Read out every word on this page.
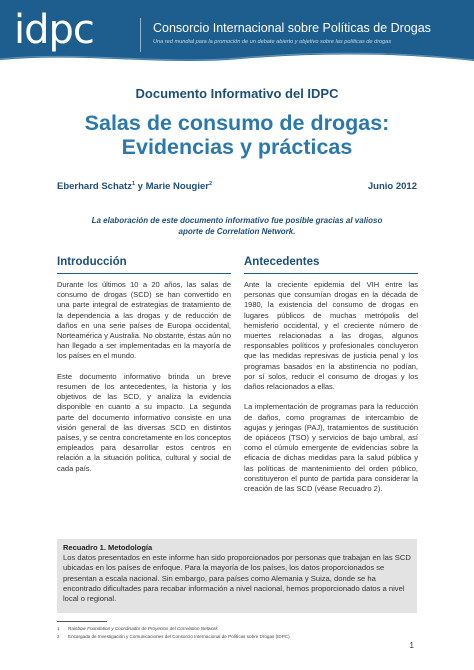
idpc	Consorcio Internacional sobre Políticas de Drogas
Una red mundial para la promoción de un debate abierto y objetivo sobre las políticas de drogas
Documento Informativo del IDPC
Salas de consumo de drogas:
Evidencias y prácticas
Eberhard Schatz$^1$ y Marie Nougier$^2$	Junio 2012
La elaboración de este documento informativo fue posible gracias al valioso
aporte de Correlation Network.
Introducción

Durante los últimos 10 a 20 años, las salas de consumo de drogas (SCD) se han convertido en una parte integral de estrategias de tratamiento de la dependencia a las drogas y de reducción de daños en una serie países de Europa occidental, Norteamérica y Australia. No obstante, éstas aún no han llegado a ser implementadas en la mayoría de los países en el mundo.

Este documento informativo brinda un breve resumen de los antecedentes, la historia y los objetivos de las SCD, y analiza la evidencia disponible en cuanto a su impacto. La segunda parte del documento informativo consiste en una visión general de las diversas SCD en distintos países, y se centra concretamente en los conceptos empleados para desarrollar estos centros en relación a la situación política, cultural y social de cada país.

Antecedentes

Ante la creciente epidemia del VIH entre las personas que consumían drogas en la década de 1980, la existencia del consumo de drogas en lugares públicos de muchas metrópolis del hemisferio occidental, y el creciente número de muertes relacionadas a las drogas, algunos responsables políticos y profesionales concluyeron que las medidas represivas de justicia penal y los programas basados en la abstinencia no podían, por sí solos, reducir el consumo de drogas y los daños relacionados a ellas.

La implementación de programas para la reducción de daños, como programas de intercambio de agujas y jeringas (PAJ), tratamientos de sustitución de opiáceos (TSO) y servicios de bajo umbral, así como el cúmulo emergente de evidencias sobre la eficacia de dichas medidas para la salud pública y las políticas de mantenimiento del orden público, constituyeron el punto de partida para considerar la creación de las SCD (véase Recuadro 2).

Recuadro 1. Metodología
Los datos presentados en este informe han sido proporcionados por personas que trabajan en las SCD ubicadas en los países de enfoque. Para la mayoría de los países, los datos proporcionados se presentan a escala nacional. Sin embargo, para países como Alemania y Suiza, donde se ha encontrado dificultades para recabar información a nivel nacional, hemos proporcionado datos a nivel local o regional.
1 Rainbow Foundation y Coordinador de Proyectos del Correlation Network
2 Encargada de Investigación y Comunicaciones del Consorcio Internacional de Políticas sobre Drogas (IDPC)
1
